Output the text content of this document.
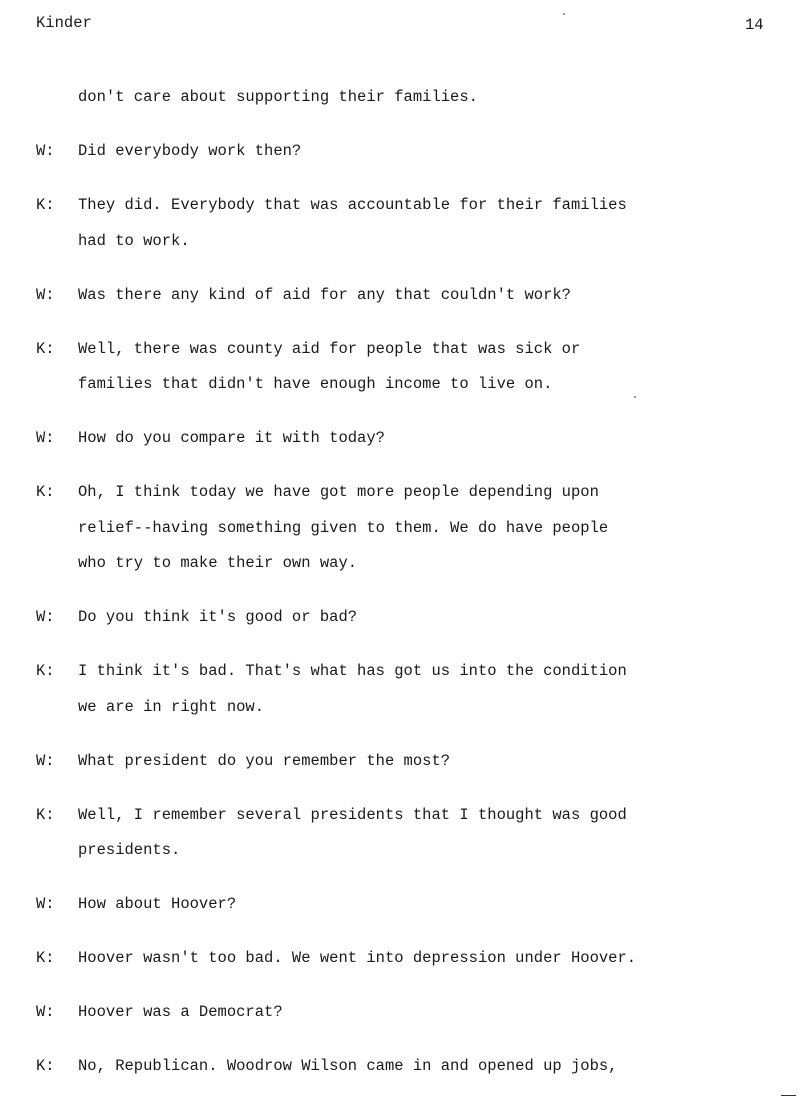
Kinder	14
don't care about supporting their families.
W: Did everybody work then?
K: They did. Everybody that was accountable for their families
had to work.
W: Was there any kind of aid for any that couldn't work?
K: Well, there was county aid for people that was sick or
families that didn't have enough income to live on.
W: How do you compare it with today?
K: Oh, I think today we have got more people depending upon
relief--having something given to them. We do have people
who try to make their own way.
W: Do you think it's good or bad?
K: I think it's bad. That's what has got us into the condition
we are in right now.
W: What president do you remember the most?
K: Well, I remember several presidents that I thought was good
presidents.
W: How about Hoover?
K: Hoover wasn't too bad. We went into depression under Hoover.
W: Hoover was a Democrat?
K: No, Republican. Woodrow Wilson came in and opened up jobs,
